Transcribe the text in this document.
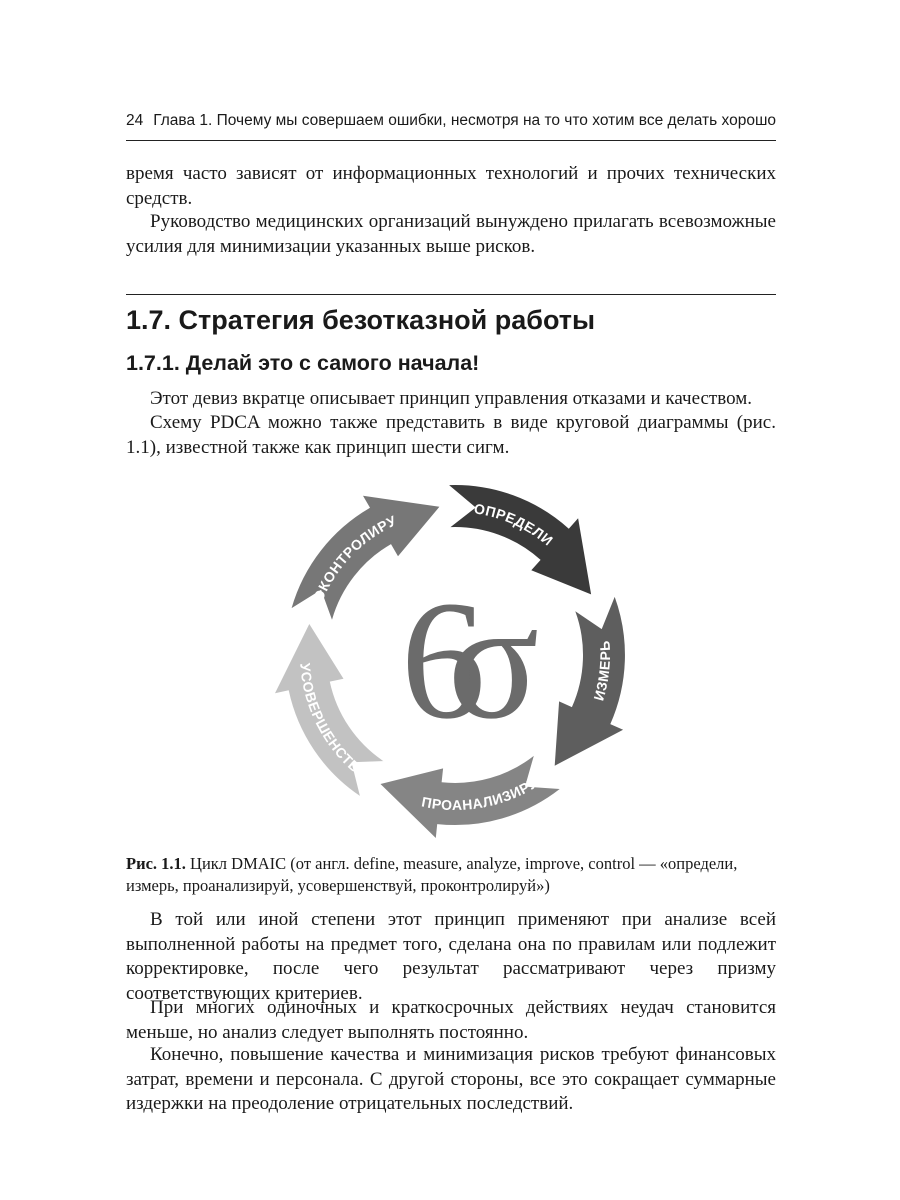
24 Глава 1. Почему мы совершаем ошибки, несмотря на то что хотим все делать хорошо

время часто зависят от информационных технологий и прочих технических средств.

Руководство медицинских организаций вынуждено прилагать всевозможные усилия для минимизации указанных выше рисков.

1.7. Стратегия безотказной работы
1.7.1. Делай это с самого начала!

Этот девиз вкратце описывает принцип управления отказами и качеством.

Схему PDCA можно также представить в виде круговой диаграммы (рис. 1.1), известной также как принцип шести сигм.

ОПРЕДЕЛИ
ИЗМЕРЬ
ПРОАНАЛИЗИРУЙ
УСОВЕРШЕНСТВУЙ
РОКОНТРОЛИРУ
6σ

Рис. 1.1. Цикл DMAIC (от англ. define, measure, analyze, improve, control — «определи, измерь, проанализируй, усовершенствуй, проконтролируй»)

В той или иной степени этот принцип применяют при анализе всей выполненной работы на предмет того, сделана она по правилам или подлежит корректировке, после чего результат рассматривают через призму соответствующих критериев.

При многих одиночных и краткосрочных действиях неудач становится меньше, но анализ следует выполнять постоянно.

Конечно, повышение качества и минимизация рисков требуют финансовых затрат, времени и персонала. С другой стороны, все это сокращает суммарные издержки на преодоление отрицательных последствий.
